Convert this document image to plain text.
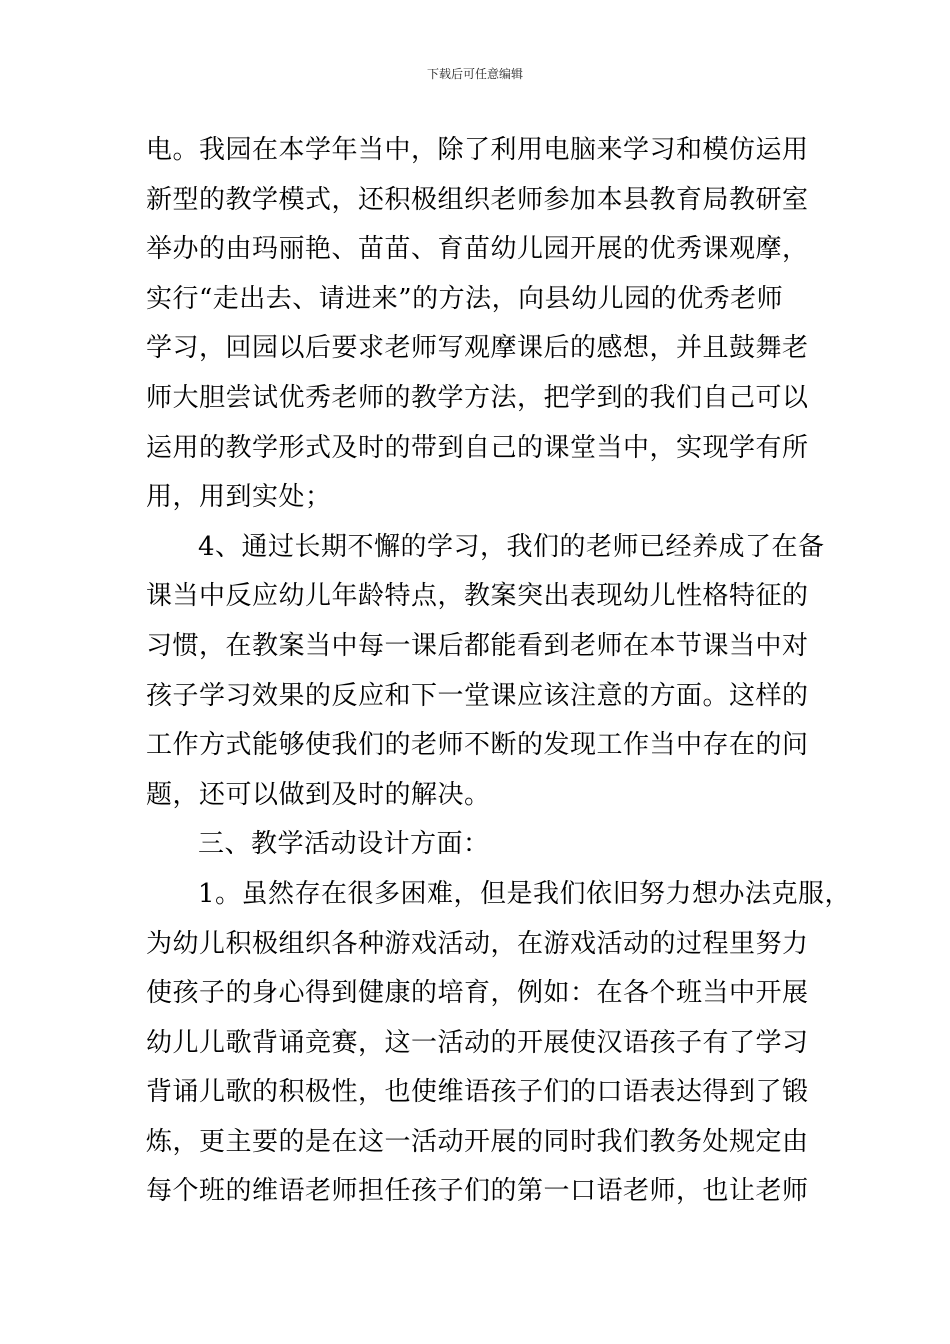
下载后可任意编辑
电。我园在本学年当中，除了利用电脑来学习和模仿运用
新型的教学模式，还积极组织老师参加本县教育局教研室
举办的由玛丽艳、苗苗、育苗幼儿园开展的优秀课观摩，
实行“走出去、请进来”的方法，向县幼儿园的优秀老师
学习，回园以后要求老师写观摩课后的感想，并且鼓舞老
师大胆尝试优秀老师的教学方法，把学到的我们自己可以
运用的教学形式及时的带到自己的课堂当中，实现学有所
用，用到实处；
4、通过长期不懈的学习，我们的老师已经养成了在备
课当中反应幼儿年龄特点，教案突出表现幼儿性格特征的
习惯，在教案当中每一课后都能看到老师在本节课当中对
孩子学习效果的反应和下一堂课应该注意的方面。这样的
工作方式能够使我们的老师不断的发现工作当中存在的问
题，还可以做到及时的解决。
三、教学活动设计方面：
1。虽然存在很多困难，但是我们依旧努力想办法克服，
为幼儿积极组织各种游戏活动，在游戏活动的过程里努力
使孩子的身心得到健康的培育，例如：在各个班当中开展
幼儿儿歌背诵竞赛，这一活动的开展使汉语孩子有了学习
背诵儿歌的积极性，也使维语孩子们的口语表达得到了锻
炼，更主要的是在这一活动开展的同时我们教务处规定由
每个班的维语老师担任孩子们的第一口语老师，也让老师
